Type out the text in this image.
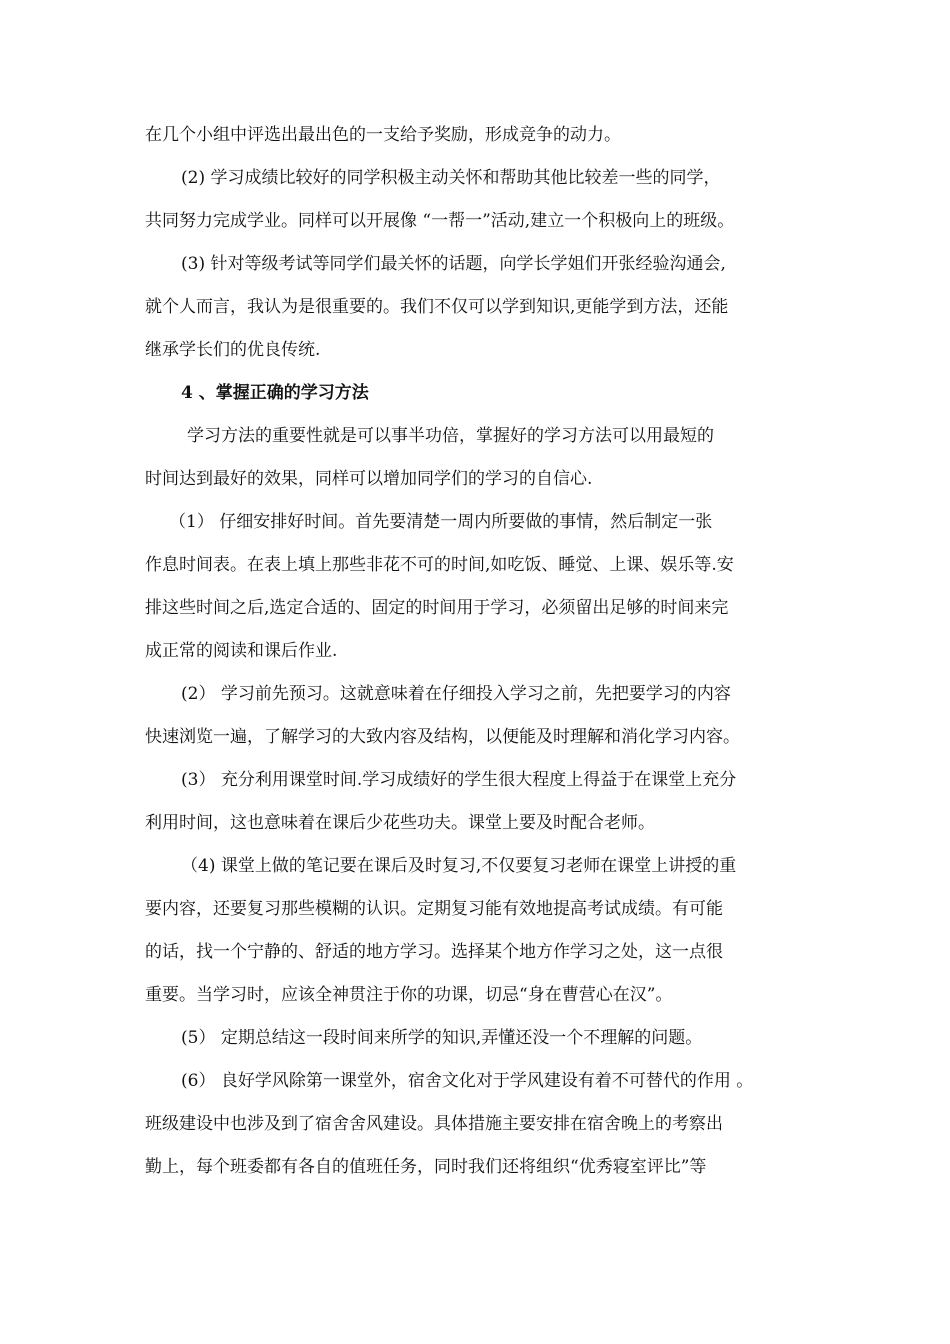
在几个小组中评选出最出色的一支给予奖励，形成竞争的动力。
(2) 学习成绩比较好的同学积极主动关怀和帮助其他比较差一些的同学，
共同努力完成学业。同样可以开展像 “一帮一”活动,建立一个积极向上的班级。
(3) 针对等级考试等同学们最关怀的话题，向学长学姐们开张经验沟通会,
就个人而言，我认为是很重要的。我们不仅可以学到知识,更能学到方法，还能
继承学长们的优良传统.
4 、掌握正确的学习方法
学习方法的重要性就是可以事半功倍，掌握好的学习方法可以用最短的
时间达到最好的效果，同样可以增加同学们的学习的自信心.
（1） 仔细安排好时间。首先要清楚一周内所要做的事情，然后制定一张
作息时间表。在表上填上那些非花不可的时间,如吃饭、睡觉、上课、娱乐等.安
排这些时间之后,选定合适的、固定的时间用于学习，必须留出足够的时间来完
成正常的阅读和课后作业.
(2） 学习前先预习。这就意味着在仔细投入学习之前，先把要学习的内容
快速浏览一遍，了解学习的大致内容及结构，以便能及时理解和消化学习内容。
(3） 充分利用课堂时间.学习成绩好的学生很大程度上得益于在课堂上充分
利用时间，这也意味着在课后少花些功夫。课堂上要及时配合老师。
（4) 课堂上做的笔记要在课后及时复习,不仅要复习老师在课堂上讲授的重
要内容，还要复习那些模糊的认识。定期复习能有效地提高考试成绩。有可能
的话，找一个宁静的、舒适的地方学习。选择某个地方作学习之处，这一点很
重要。当学习时，应该全神贯注于你的功课，切忌“身在曹营心在汉”。
(5） 定期总结这一段时间来所学的知识,弄懂还没一个不理解的问题。
(6） 良好学风除第一课堂外，宿舍文化对于学风建设有着不可替代的作用 。
班级建设中也涉及到了宿舍舍风建设。具体措施主要安排在宿舍晚上的考察出
勤上，每个班委都有各自的值班任务，同时我们还将组织“优秀寝室评比”等
